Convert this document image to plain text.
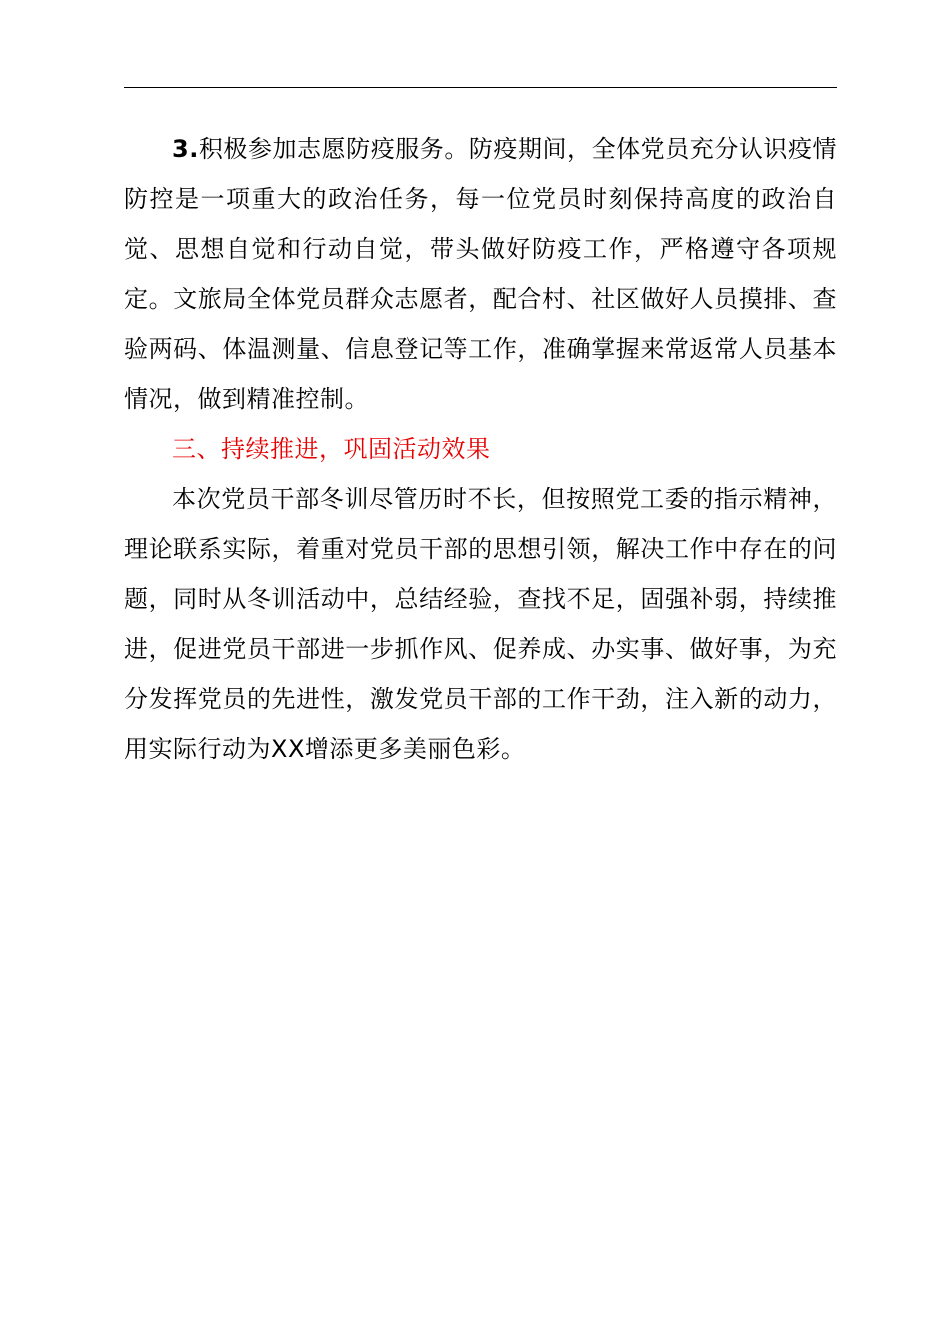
3.积极参加志愿防疫服务。防疫期间，全体党员充分认识疫情防控是一项重大的政治任务，每一位党员时刻保持高度的政治自觉、思想自觉和行动自觉，带头做好防疫工作，严格遵守各项规定。文旅局全体党员群众志愿者，配合村、社区做好人员摸排、查验两码、体温测量、信息登记等工作，准确掌握来常返常人员基本情况，做到精准控制。

三、持续推进，巩固活动效果

本次党员干部冬训尽管历时不长，但按照党工委的指示精神，理论联系实际，着重对党员干部的思想引领，解决工作中存在的问题，同时从冬训活动中，总结经验，查找不足，固强补弱，持续推进，促进党员干部进一步抓作风、促养成、办实事、做好事，为充分发挥党员的先进性，激发党员干部的工作干劲，注入新的动力，用实际行动为XX增添更多美丽色彩。
